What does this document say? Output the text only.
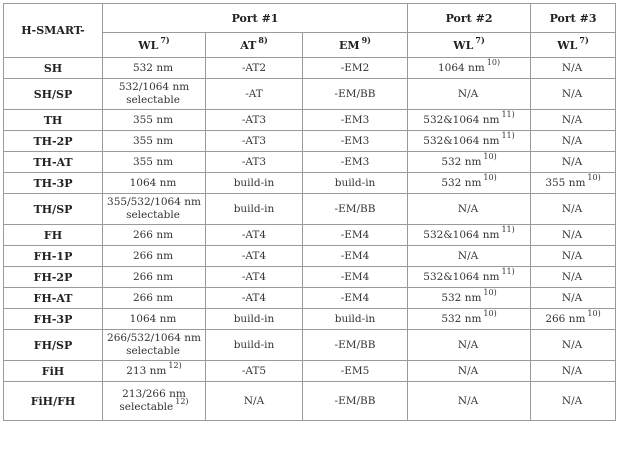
H-SMART-	Port #1			Port #2	Port #3
	WL $^{7)}$	AT $^{8)}$	EM $^{9)}$	WL $^{7)}$	WL $^{7)}$
SH	532 nm	-AT2	-EM2	1064 nm $^{10)}$	N/A
SH/SP	532/1064 nm selectable	-AT	-EM/BB	N/A	N/A
TH	355 nm	-AT3	-EM3	532&1064 nm $^{11)}$	N/A
TH-2P	355 nm	-AT3	-EM3	532&1064 nm $^{11)}$	N/A
TH-AT	355 nm	-AT3	-EM3	532 nm $^{10)}$	N/A
TH-3P	1064 nm	build-in	build-in	532 nm $^{10)}$	355 nm $^{10)}$
TH/SP	355/532/1064 nm selectable	build-in	-EM/BB	N/A	N/A
FH	266 nm	-AT4	-EM4	532&1064 nm $^{11)}$	N/A
FH-1P	266 nm	-AT4	-EM4	N/A	N/A
FH-2P	266 nm	-AT4	-EM4	532&1064 nm $^{11)}$	N/A
FH-AT	266 nm	-AT4	-EM4	532 nm $^{10)}$	N/A
FH-3P	1064 nm	build-in	build-in	532 nm $^{10)}$	266 nm $^{10)}$
FH/SP	266/532/1064 nm selectable	build-in	-EM/BB	N/A	N/A
FiH	213 nm $^{12)}$	-AT5	-EM5	N/A	N/A
FiH/FH	213/266 nm selectable $^{12)}$	N/A	-EM/BB	N/A	N/A
